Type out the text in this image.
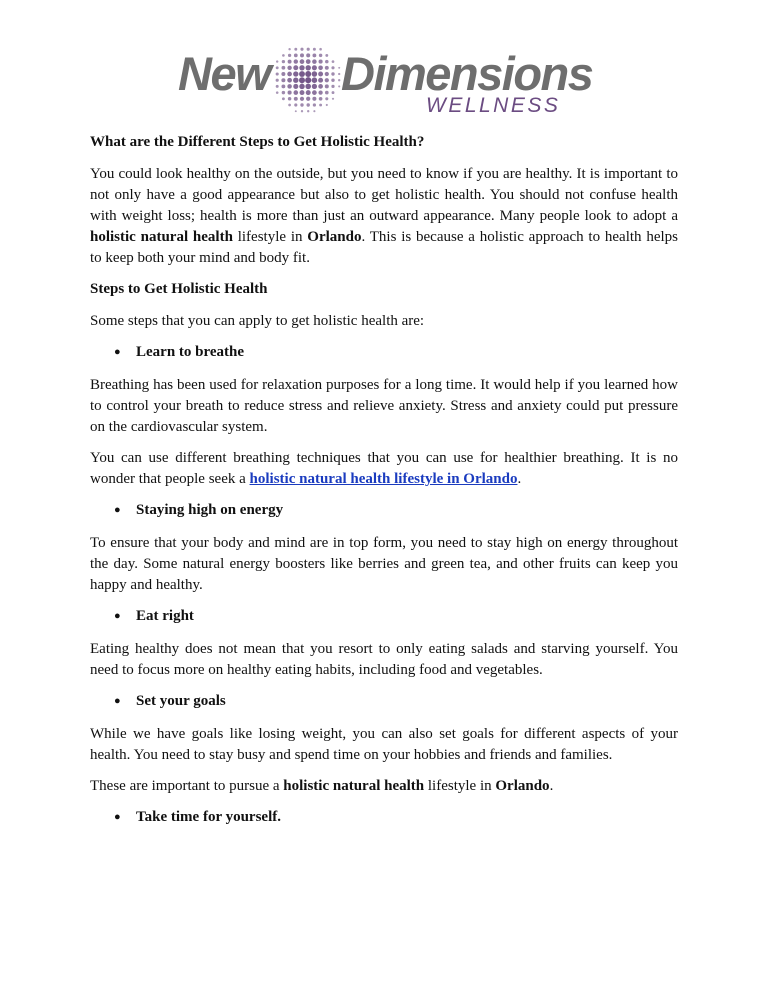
New Dimensions
WELLNESS

What are the Different Steps to Get Holistic Health?

You could look healthy on the outside, but you need to know if you are healthy. It is important to not only have a good appearance but also to get holistic health. You should not confuse health with weight loss; health is more than just an outward appearance. Many people look to adopt a holistic natural health lifestyle in Orlando. This is because a holistic approach to health helps to keep both your mind and body fit.

Steps to Get Holistic Health

Some steps that you can apply to get holistic health are:

● Learn to breathe

Breathing has been used for relaxation purposes for a long time. It would help if you learned how to control your breath to reduce stress and relieve anxiety. Stress and anxiety could put pressure on the cardiovascular system.

You can use different breathing techniques that you can use for healthier breathing. It is no wonder that people seek a holistic natural health lifestyle in Orlando.

● Staying high on energy

To ensure that your body and mind are in top form, you need to stay high on energy throughout the day. Some natural energy boosters like berries and green tea, and other fruits can keep you happy and healthy.

● Eat right

Eating healthy does not mean that you resort to only eating salads and starving yourself. You need to focus more on healthy eating habits, including food and vegetables.

● Set your goals

While we have goals like losing weight, you can also set goals for different aspects of your health. You need to stay busy and spend time on your hobbies and friends and families.

These are important to pursue a holistic natural health lifestyle in Orlando.

● Take time for yourself.
